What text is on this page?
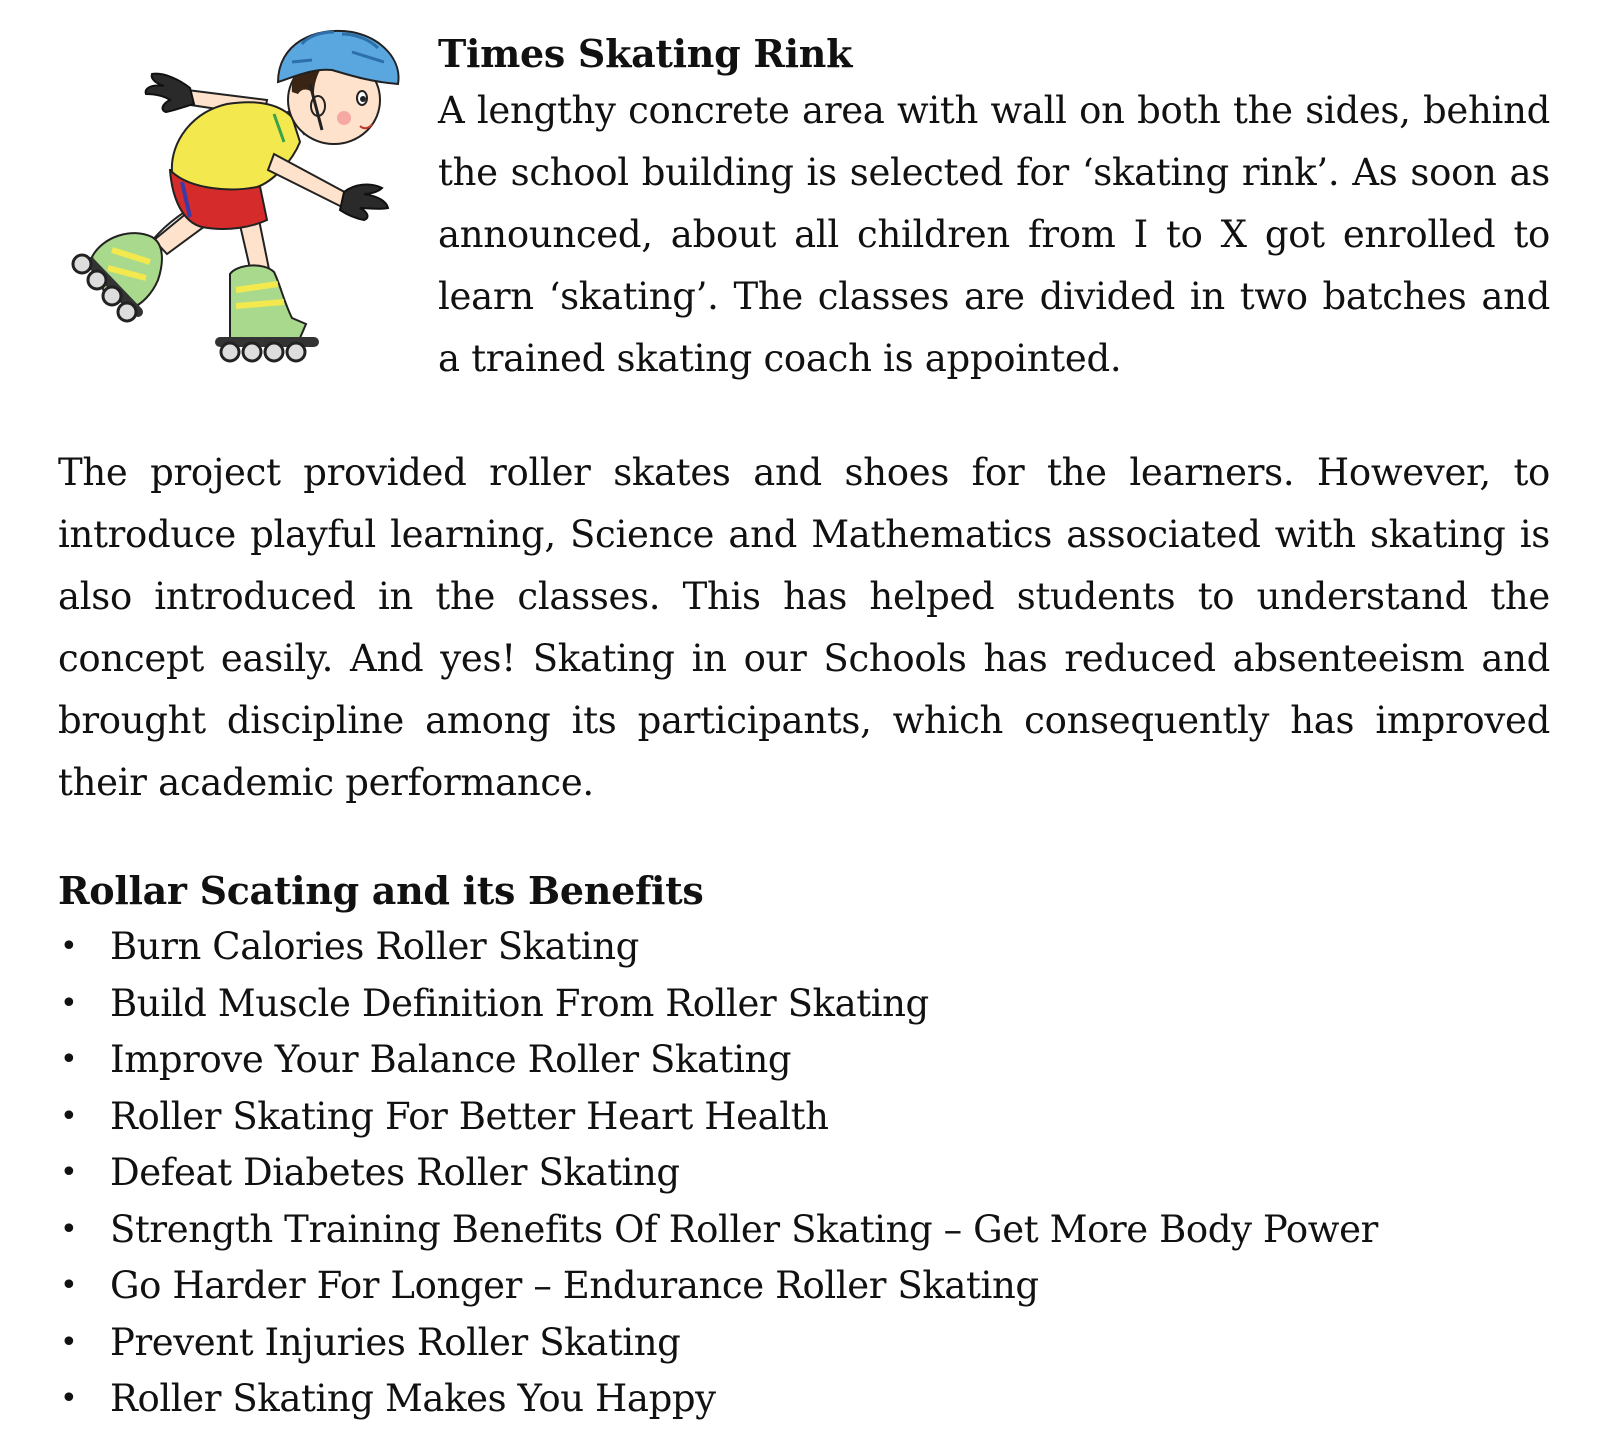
Times Skating Rink

A lengthy concrete area with wall on both the sides, behind the school building is selected for ‘skating rink’. As soon as announced, about all children from I to X got enrolled to learn ‘skating’. The classes are divided in two batches and a trained skating coach is appointed.

The project provided roller skates and shoes for the learners. However, to introduce playful learning, Science and Mathematics associated with skating is also introduced in the classes. This has helped students to understand the concept easily. And yes! Skating in our Schools has reduced absenteeism and brought discipline among its participants, which consequently has improved their academic performance.

Rollar Scating and its Benefits

• Burn Calories Roller Skating
• Build Muscle Definition From Roller Skating
• Improve Your Balance Roller Skating
• Roller Skating For Better Heart Health
• Defeat Diabetes Roller Skating
• Strength Training Benefits Of Roller Skating – Get More Body Power
• Go Harder For Longer – Endurance Roller Skating
• Prevent Injuries Roller Skating
• Roller Skating Makes You Happy
